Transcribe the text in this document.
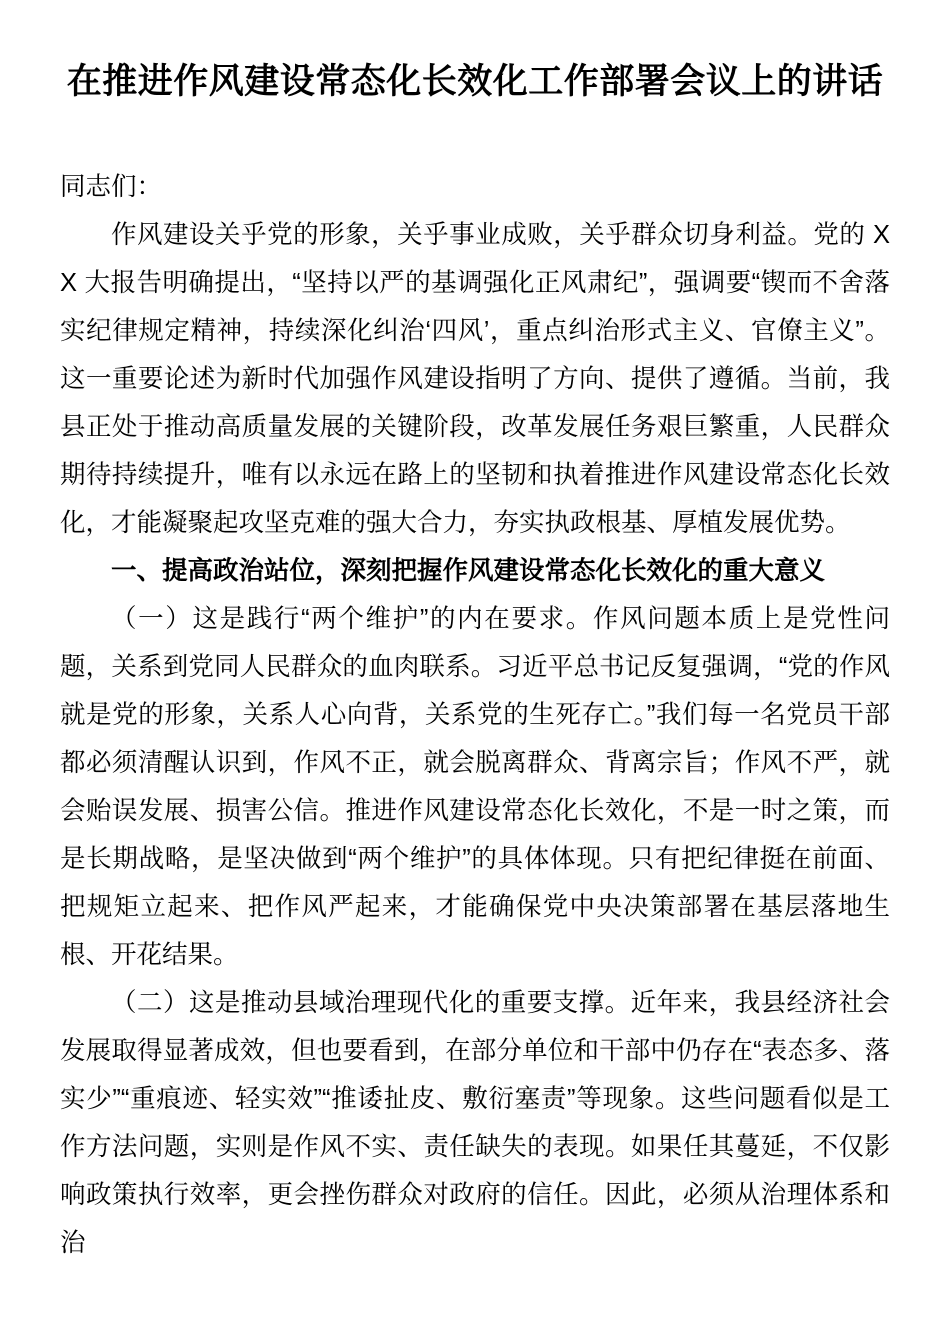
在推进作风建设常态化长效化工作部署会议上的讲话

同志们：

作风建设关乎党的形象，关乎事业成败，关乎群众切身利益。党的 XX 大报告明确提出，“坚持以严的基调强化正风肃纪”，强调要“锲而不舍落实纪律规定精神，持续深化纠治‘四风’，重点纠治形式主义、官僚主义”。这一重要论述为新时代加强作风建设指明了方向、提供了遵循。当前，我县正处于推动高质量发展的关键阶段，改革发展任务艰巨繁重，人民群众期待持续提升，唯有以永远在路上的坚韧和执着推进作风建设常态化长效化，才能凝聚起攻坚克难的强大合力，夯实执政根基、厚植发展优势。

一、提高政治站位，深刻把握作风建设常态化长效化的重大意义

（一）这是践行“两个维护”的内在要求。作风问题本质上是党性问题，关系到党同人民群众的血肉联系。习近平总书记反复强调，“党的作风就是党的形象，关系人心向背，关系党的生死存亡。”我们每一名党员干部都必须清醒认识到，作风不正，就会脱离群众、背离宗旨；作风不严，就会贻误发展、损害公信。推进作风建设常态化长效化，不是一时之策，而是长期战略，是坚决做到“两个维护”的具体体现。只有把纪律挺在前面、把规矩立起来、把作风严起来，才能确保党中央决策部署在基层落地生根、开花结果。

（二）这是推动县域治理现代化的重要支撑。近年来，我县经济社会发展取得显著成效，但也要看到，在部分单位和干部中仍存在“表态多、落实少”“重痕迹、轻实效”“推诿扯皮、敷衍塞责”等现象。这些问题看似是工作方法问题，实则是作风不实、责任缺失的表现。如果任其蔓延，不仅影响政策执行效率，更会挫伤群众对政府的信任。因此，必须从治理体系和治
